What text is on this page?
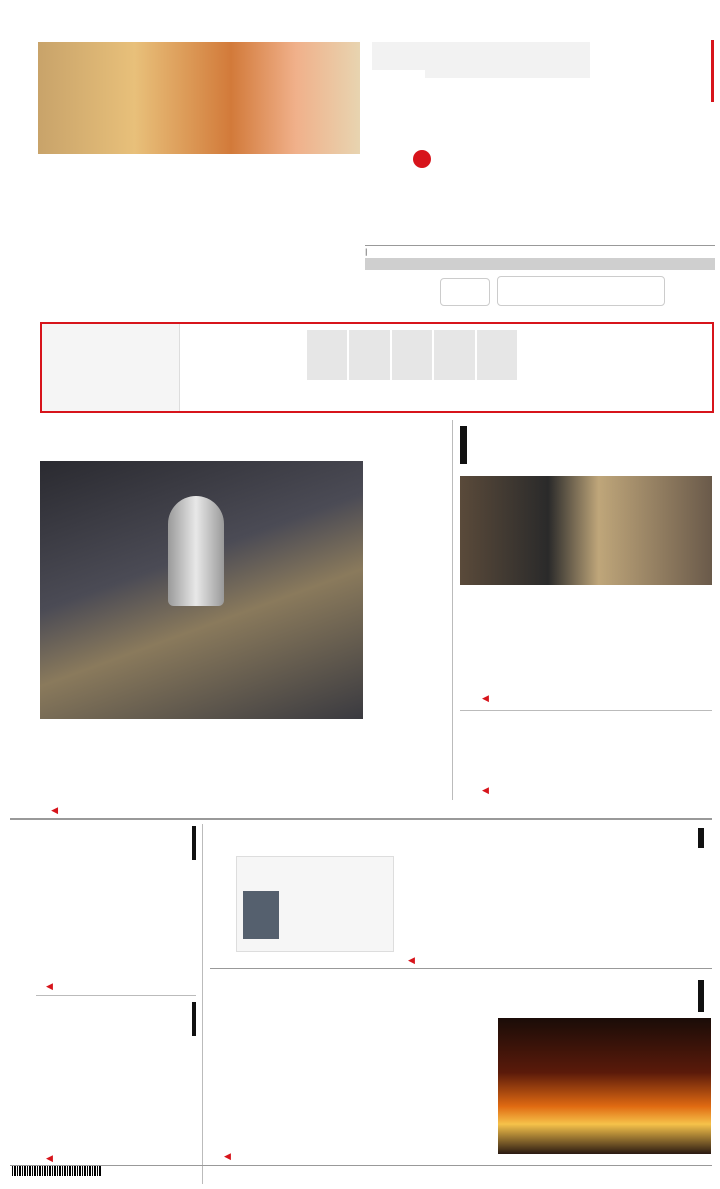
|
◀
◀
◀
◀
◀
◀
◀
